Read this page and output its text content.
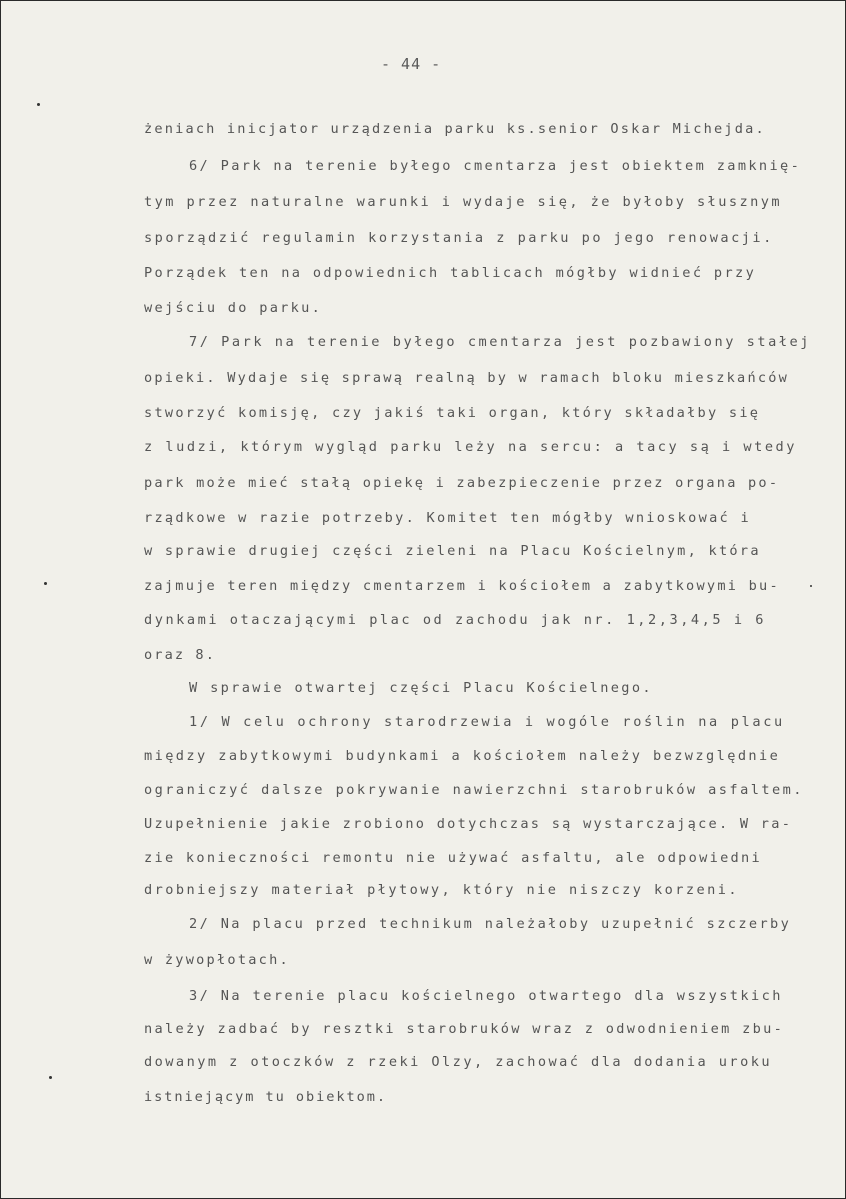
- 44 -
żeniach inicjator urządzenia parku ks.senior Oskar Michejda.
6/ Park na terenie byłego cmentarza jest obiektem zamknię-
tym przez naturalne warunki i wydaje się, że byłoby słusznym
sporządzić regulamin korzystania z parku po jego renowacji.
Porządek ten na odpowiednich tablicach mógłby widnieć przy
wejściu do parku.
7/ Park na terenie byłego cmentarza jest pozbawiony stałej
opieki. Wydaje się sprawą realną by w ramach bloku mieszkańców
stworzyć komisję, czy jakiś taki organ, który składałby się
z ludzi, którym wygląd parku leży na sercu: a tacy są i wtedy
park może mieć stałą opiekę i zabezpieczenie przez organa po-
rządkowe w razie potrzeby. Komitet ten mógłby wnioskować i
w sprawie drugiej części zieleni na Placu Kościelnym, która
zajmuje teren między cmentarzem i kościołem a zabytkowymi bu-
dynkami otaczającymi plac od zachodu jak nr. 1,2,3,4,5 i 6
oraz 8.
W sprawie otwartej części Placu Kościelnego.
1/ W celu ochrony starodrzewia i wogóle roślin na placu
między zabytkowymi budynkami a kościołem należy bezwzględnie
ograniczyć dalsze pokrywanie nawierzchni starobruków asfaltem.
Uzupełnienie jakie zrobiono dotychczas są wystarczające. W ra-
zie konieczności remontu nie używać asfaltu, ale odpowiedni
drobniejszy materiał płytowy, który nie niszczy korzeni.
2/ Na placu przed technikum należałoby uzupełnić szczerby
w żywopłotach.
3/ Na terenie placu kościelnego otwartego dla wszystkich
należy zadbać by resztki starobruków wraz z odwodnieniem zbu-
dowanym z otoczków z rzeki Olzy, zachować dla dodania uroku
istniejącym tu obiektom.
